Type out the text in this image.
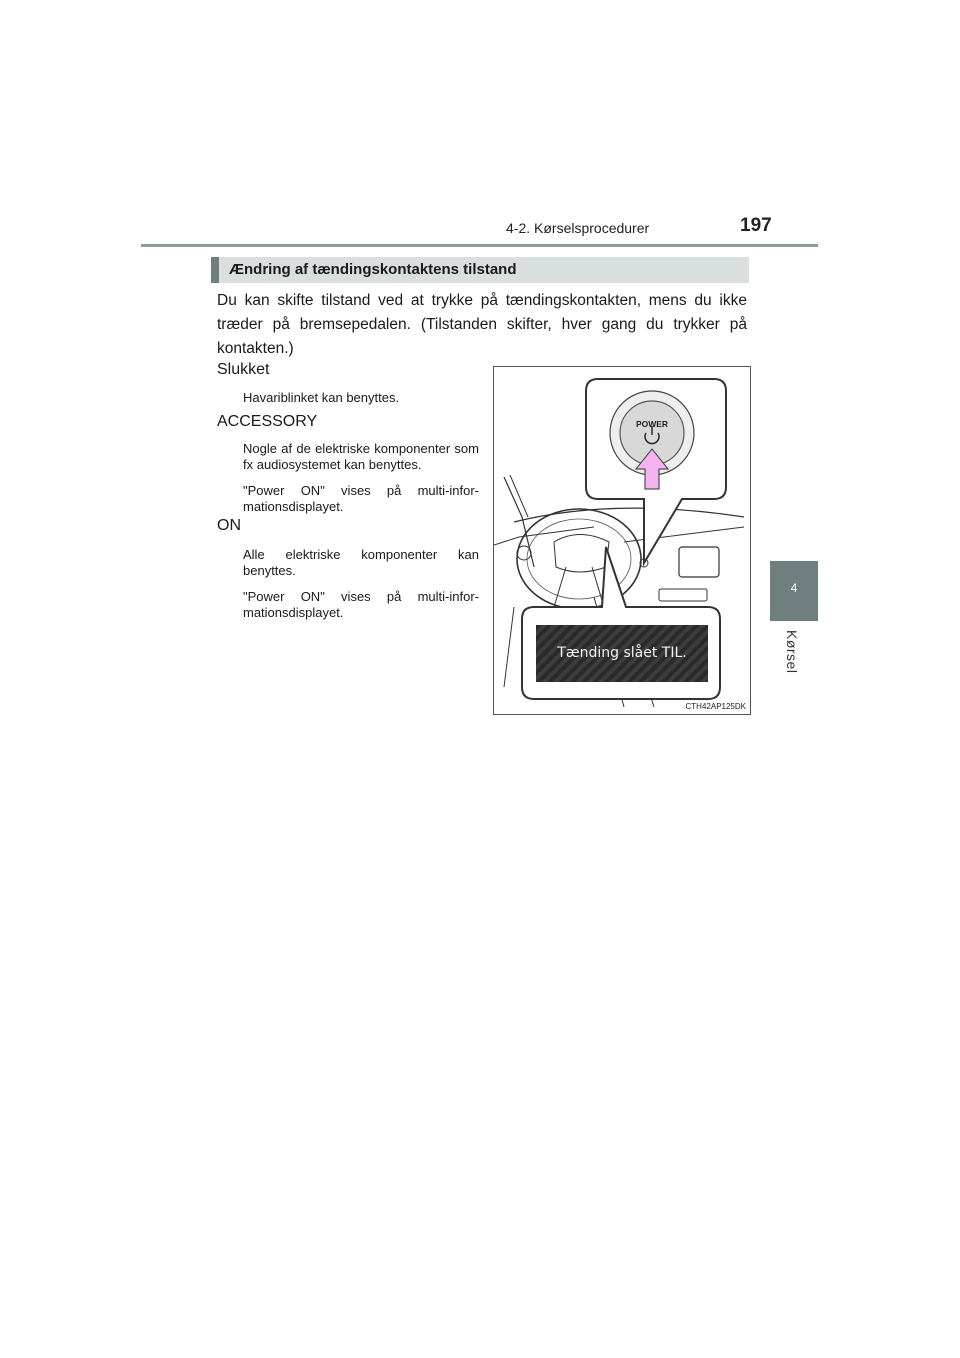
4-2. Kørselsprocedurer	197
4
Kørsel
Ændring af tændingskontaktens tilstand
Du kan skifte tilstand ved at trykke på tændingskontakten, mens du ikke træder på bremsepedalen. (Tilstanden skifter, hver gang du trykker på kontakten.)
Slukket
Havariblinket kan benyttes.
ACCESSORY
Nogle af de elektriske komponenter som fx audiosystemet kan benyttes.
"Power ON" vises på multi-infor-mationsdisplayet.
ON
Alle elektriske komponenter kan benyttes.
"Power ON" vises på multi-infor-mationsdisplayet.
POWER
Tænding slået TIL.
CTH42AP125DK
